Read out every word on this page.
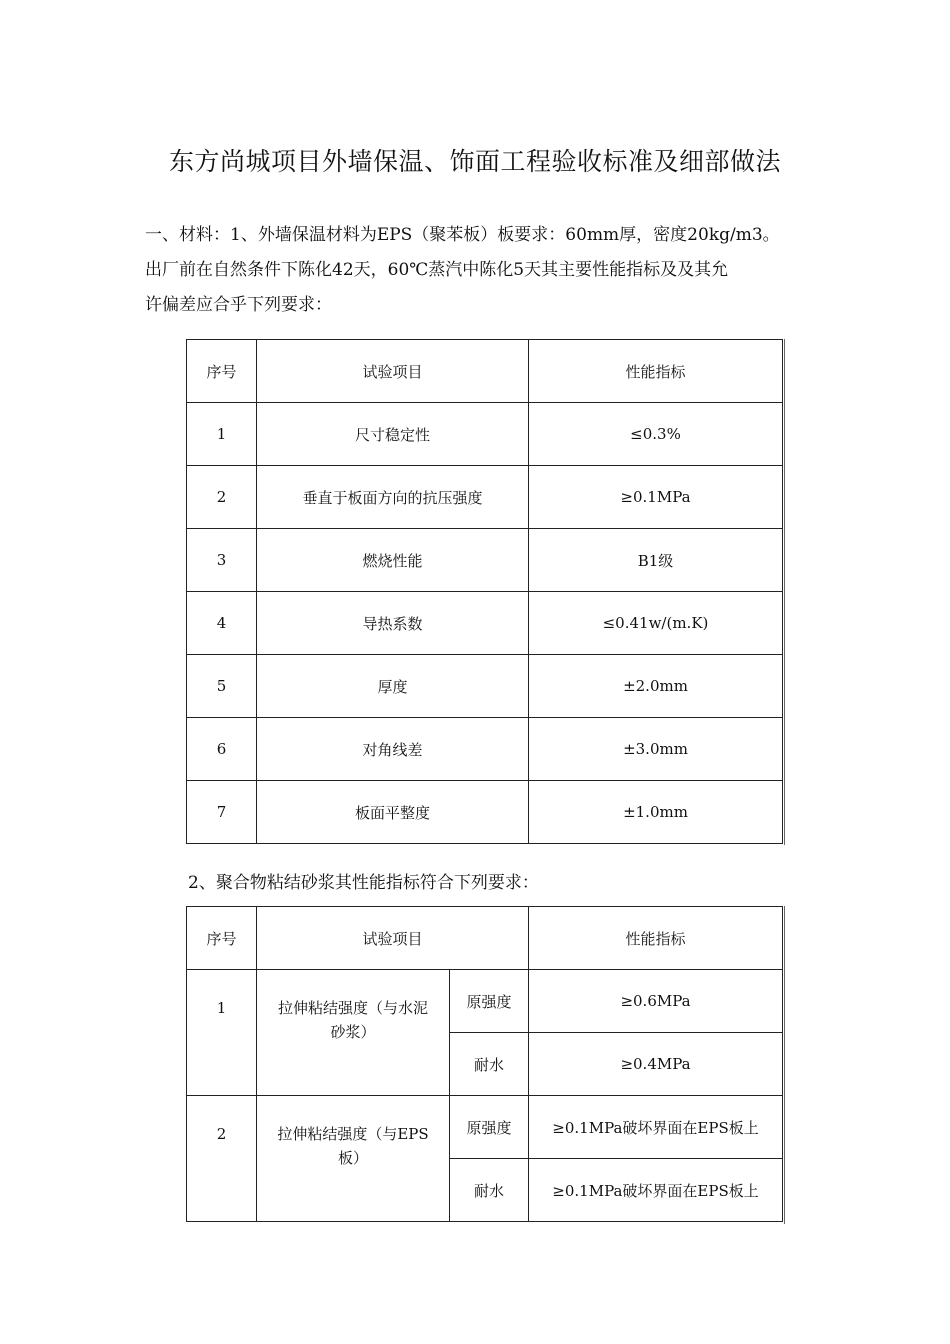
东方尚城项目外墙保温、饰面工程验收标准及细部做法

一、材料：1、外墙保温材料为EPS（聚苯板）板要求：60mm厚，密度20kg/m3。

出厂前在自然条件下陈化42天，60℃蒸汽中陈化5天其主要性能指标及及其允

许偏差应合乎下列要求：

序号	试验项目	性能指标
1	尺寸稳定性	≤0.3%
2	垂直于板面方向的抗压强度	≥0.1MPa
3	燃烧性能	B1级
4	导热系数	≤0.41w/(m.K)
5	厚度	±2.0mm
6	对角线差	±3.0mm
7	板面平整度	±1.0mm
2、聚合物粘结砂浆其性能指标符合下列要求：
序号	试验项目		性能指标
1	拉伸粘结强度（与水泥
砂浆）	原强度	≥0.6MPa
		耐水	≥0.4MPa
2	拉伸粘结强度（与EPS
板）	原强度	≥0.1MPa破坏界面在EPS板上
		耐水	≥0.1MPa破坏界面在EPS板上
